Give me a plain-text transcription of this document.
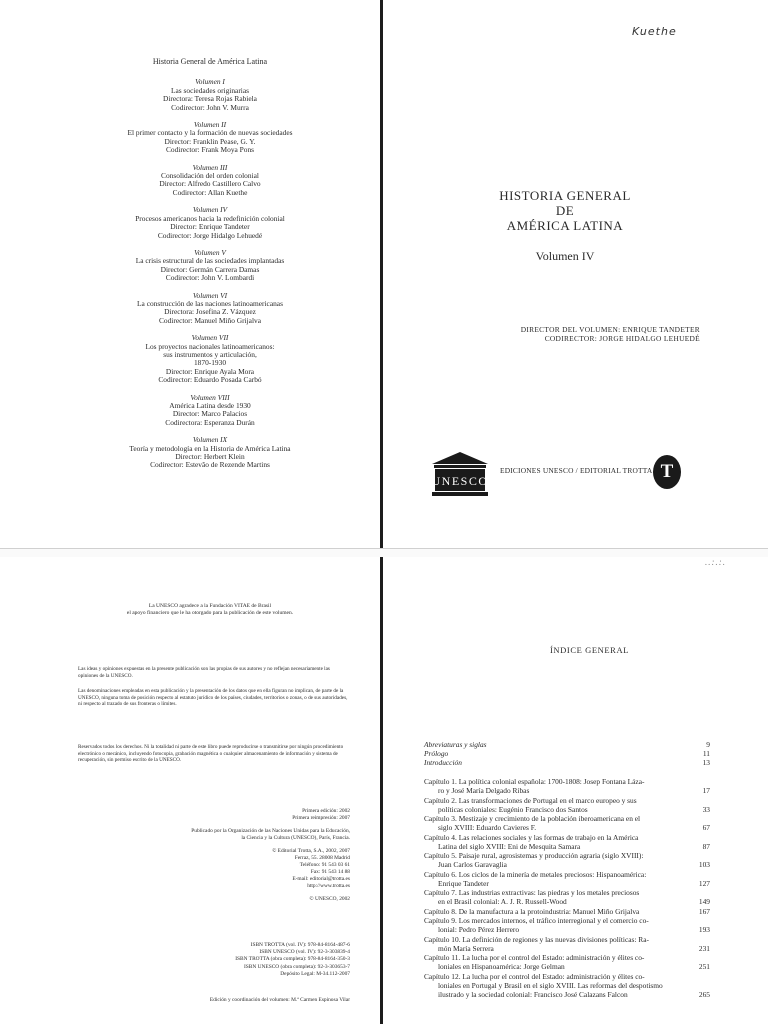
Historia General de América Latina
Volumen I
Las sociedades originarias
Directora: Teresa Rojas Rabiela
Codirector: John V. Murra
Volumen II
El primer contacto y la formación de nuevas sociedades
Director: Franklin Pease, G. Y.
Codirector: Frank Moya Pons
Volumen III
Consolidación del orden colonial
Director: Alfredo Castillero Calvo
Codirector: Allan Kuethe
Volumen IV
Procesos americanos hacia la redefinición colonial
Director: Enrique Tandeter
Codirector: Jorge Hidalgo Lehuedé
Volumen V
La crisis estructural de las sociedades implantadas
Director: Germán Carrera Damas
Codirector: John V. Lombardi
Volumen VI
La construcción de las naciones latinoamericanas
Directora: Josefina Z. Vázquez
Codirector: Manuel Miño Grijalva
Volumen VII
Los proyectos nacionales latinoamericanos:
sus instrumentos y articulación,
1870-1930
Director: Enrique Ayala Mora
Codirector: Eduardo Posada Carbó
Volumen VIII
América Latina desde 1930
Director: Marco Palacios
Codirectora: Esperanza Durán
Volumen IX
Teoría y metodología en la Historia de América Latina
Director: Herbert Klein
Codirector: Estevão de Rezende Martins
Kuethe
HISTORIA GENERAL
DE
AMÉRICA LATINA
Volumen IV
DIRECTOR DEL VOLUMEN: ENRIQUE TANDETER
CODIRECTOR: JORGE HIDALGO LEHUEDÉ
UNESCO
EDICIONES UNESCO / EDITORIAL TROTTA T
La UNESCO agradece a la Fundación VITAE de Brasil
el apoyo financiero que le ha otorgado para la publicación de este volumen.
Las ideas y opiniones expuestas en la presente publicación son las propias de sus autores y no reflejan necesariamente las opiniones de la UNESCO.
Las denominaciones empleadas en esta publicación y la presentación de los datos que en ella figuran no implican, de parte de la UNESCO, ninguna toma de posición respecto al estatuto jurídico de los países, ciudades, territorios o zonas, o de sus autoridades, ni respecto al trazado de sus fronteras o límites.
Reservados todos los derechos. Ni la totalidad ni parte de este libro puede reproducirse o transmitirse por ningún procedimiento electrónico o mecánico, incluyendo fotocopia, grabación magnética o cualquier almacenamiento de información y sistema de recuperación, sin permiso escrito de la UNESCO.
Primera edición: 2002
Primera reimpresión: 2007
Publicado por la Organización de las Naciones Unidas para la Educación,
la Ciencia y la Cultura (UNESCO), París, Francia.
© Editorial Trotta, S.A., 2002, 2007
Ferraz, 55. 28008 Madrid
Teléfono: 91 543 03 61
Fax: 91 543 14 88
E-mail: editorial@trotta.es
http://www.trotta.es
© UNESCO, 2002
ISBN TROTTA (vol. IV): 978-84-8164-487-6
ISBN UNESCO (vol. IV): 92-3-303839-4
ISBN TROTTA (obra completa): 978-84-8164-350-3
ISBN UNESCO (obra completa): 92-3-303653-7
Depósito Legal: M-34.112-2007
Edición y coordinación del volumen: M.ª Carmen Espinosa Vilar
..:.:.
ÍNDICE GENERAL
Abreviaturas y siglas	9
Prólogo	11
Introducción	13
Capítulo 1. La política colonial española: 1700-1808: Josep Fontana Láza-
ro y José María Delgado Ribas	17
Capítulo 2. Las transformaciones de Portugal en el marco europeo y sus
políticas coloniales: Eugénio Francisco dos Santos	33
Capítulo 3. Mestizaje y crecimiento de la población iberoamericana en el
siglo XVIII: Eduardo Cavieres F.	67
Capítulo 4. Las relaciones sociales y las formas de trabajo en la América
Latina del siglo XVIII: Eni de Mesquita Samara	87
Capítulo 5. Paisaje rural, agrosistemas y producción agraria (siglo XVIII):
Juan Carlos Garavaglia	103
Capítulo 6. Los ciclos de la minería de metales preciosos: Hispanoamérica:
Enrique Tandeter	127
Capítulo 7. Las industrias extractivas: las piedras y los metales preciosos
en el Brasil colonial: A. J. R. Russell-Wood	149
Capítulo 8. De la manufactura a la protoindustria: Manuel Miño Grijalva	167
Capítulo 9. Los mercados internos, el tráfico interregional y el comercio co-
lonial: Pedro Pérez Herrero	193
Capítulo 10. La definición de regiones y las nuevas divisiones políticas: Ra-
món María Serrera	231
Capítulo 11. La lucha por el control del Estado: administración y élites co-
loniales en Hispanoamérica: Jorge Gelman	251
Capítulo 12. La lucha por el control del Estado: administración y élites co-
loniales en Portugal y Brasil en el siglo XVIII. Las reformas del despotismo
ilustrado y la sociedad colonial: Francisco José Calazans Falcon	265
